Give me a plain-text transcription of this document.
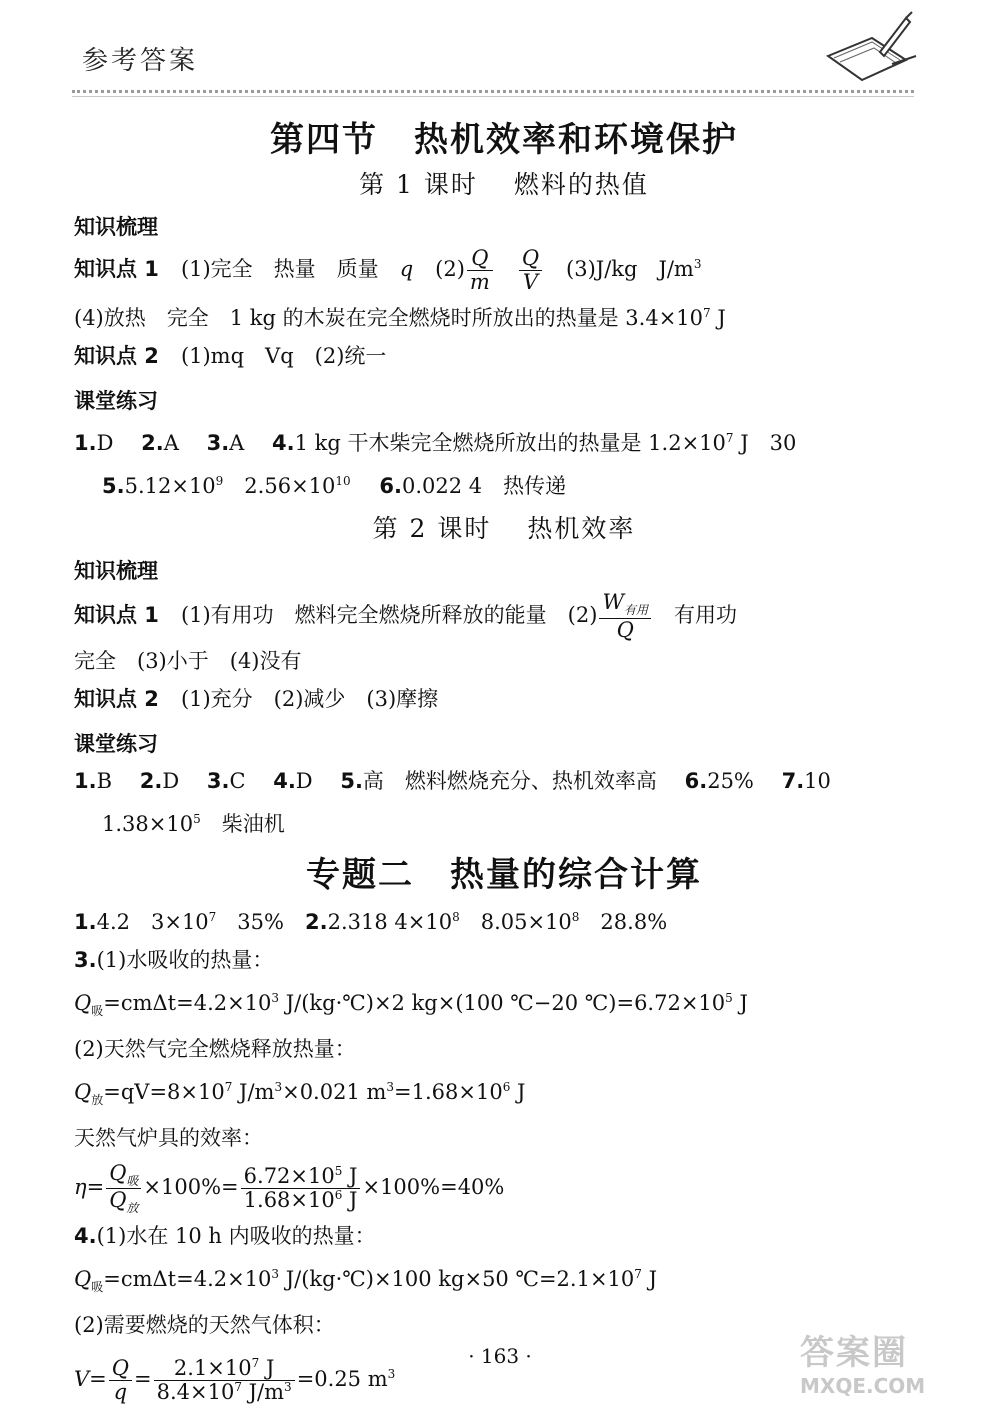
参考答案
第四节 热机效率和环境保护
第 1 课时 燃料的热值
知识梳理
知识点 1 (1)完全　热量　质量　q $(2) \frac{Q}{m} \frac{Q}{V} (3)J/kg$　$J/m^3$
(4)放热　完全　1 kg 的木炭在完全燃烧时所放出的热量是 $3.4\times 10^7$ J
知识点 2 (1)mq　Vq　(2)统一
课堂练习
1.D　 2.A　 3.A　 4.1 kg 干木柴完全燃烧所放出的热量是 $1.2\times 10^7$ J　30
$5.5.12\times 10^9$　$2.56\times 10^{10}$ 6.0.022 4　热传递
第 2 课时 热机效率
知识梳理
知识点 1 (1)有用功　燃料完全燃烧所释放的能量　$(2) \frac{W_{有用}}{Q}$ 　有用功
完全　(3)小于　(4)没有
知识点 2 (1)充分　(2)减少　(3)摩擦
课堂练习
1.B　 2.D　 3.C　 4.D　 5.高　燃料燃烧充分、热机效率高　 6.25%　 7.10
$1.38\times 10^5$　柴油机
专题二 热量的综合计算
1.4.2　$3\times 10^7$　35%　2.2.318 $4\times 10^8$　$8.05\times 10^8$　28.8%
3.(1)水吸收的热量：
$Q_吸=cm\Delta t=4.2\times 10^3$ J/(kg·℃)×2 kg×(100 ℃−20 $℃)=6.72\times 10^5$ J
(2)天然气完全燃烧释放热量：
$Q_放=qV=8\times 10^7$ $J/m^3\times 0.021$ $m^3=1.68\times 10^6$ J
天然气炉具的效率：
$\eta= \frac{Q_吸}{Q_放} \times 100\%= \frac{6.72\times 10^5 J}{1.68\times 10^6 J} \times 100\%=40\%$
4.(1)水在 10 h 内吸收的热量：
$Q_吸=cm\Delta t=4.2\times 10^3$ J/(kg·℃)×100 kg×50 $℃=2.1\times 10^7$ J
(2)需要燃烧的天然气体积：
$V= \frac{Q}{q} = \frac{2.1\times 10^7 J}{8.4\times 10^7 J/m^3} =0.25$ $m^3$
· 163 ·	答案圈
MXQE.COM
